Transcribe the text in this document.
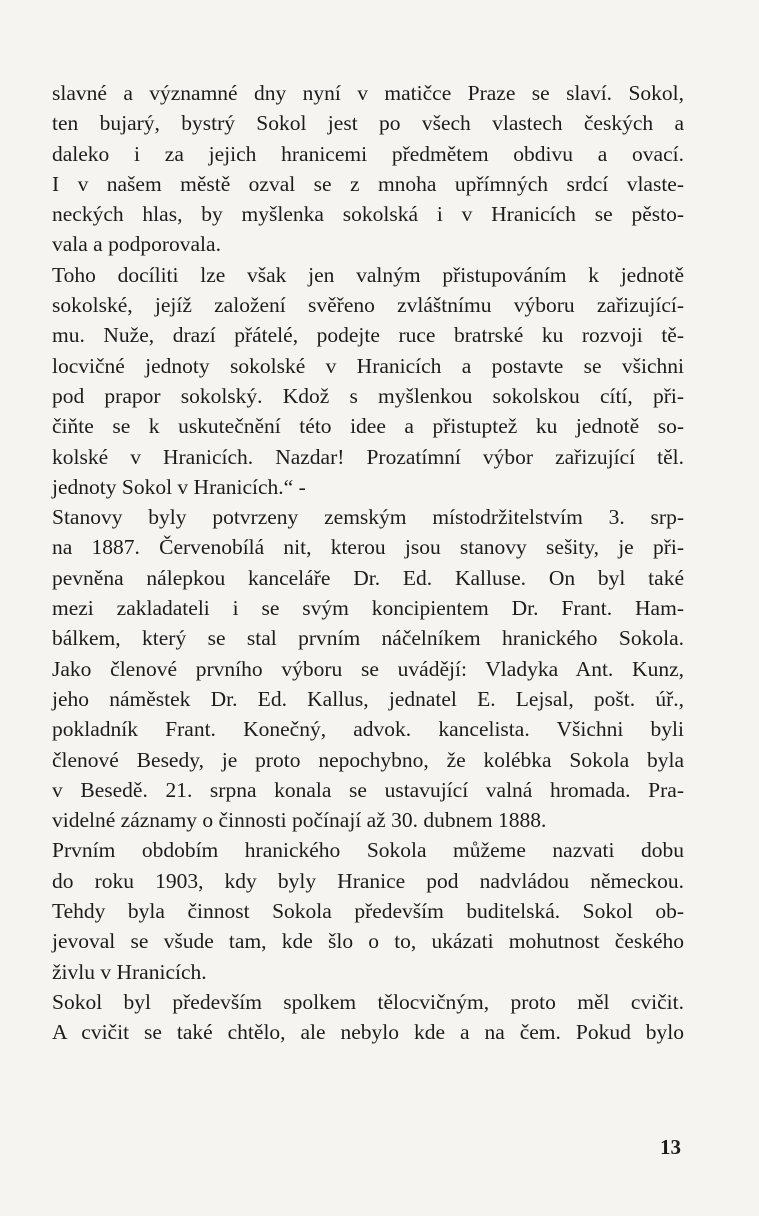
slavné a významné dny nyní v matičce Praze se slaví. Sokol,
ten bujarý, bystrý Sokol jest po všech vlastech českých a
daleko i za jejich hranicemi předmětem obdivu a ovací.
I v našem městě ozval se z mnoha upřímných srdcí vlaste-
neckých hlas, by myšlenka sokolská i v Hranicích se pěsto-
vala a podporovala.
Toho docíliti lze však jen valným přistupováním k jednotě
sokolské, jejíž založení svěřeno zvláštnímu výboru zařizující-
mu. Nuže, drazí přátelé, podejte ruce bratrské ku rozvoji tě-
locvičné jednoty sokolské v Hranicích a postavte se všichni
pod prapor sokolský. Kdož s myšlenkou sokolskou cítí, při-
čiňte se k uskutečnění této idee a přistuptež ku jednotě so-
kolské v Hranicích. Nazdar! Prozatímní výbor zařizující těl.
jednoty Sokol v Hranicích.“ -
Stanovy byly potvrzeny zemským místodržitelstvím 3. srp-
na 1887. Červenobílá nit, kterou jsou stanovy sešity, je při-
pevněna nálepkou kanceláře Dr. Ed. Kalluse. On byl také
mezi zakladateli i se svým koncipientem Dr. Frant. Ham-
bálkem, který se stal prvním náčelníkem hranického Sokola.
Jako členové prvního výboru se uvádějí: Vladyka Ant. Kunz,
jeho náměstek Dr. Ed. Kallus, jednatel E. Lejsal, pošt. úř.,
pokladník Frant. Konečný, advok. kancelista. Všichni byli
členové Besedy, je proto nepochybno, že kolébka Sokola byla
v Besedě. 21. srpna konala se ustavující valná hromada. Pra-
videlné záznamy o činnosti počínají až 30. dubnem 1888.
Prvním obdobím hranického Sokola můžeme nazvati dobu
do roku 1903, kdy byly Hranice pod nadvládou německou.
Tehdy byla činnost Sokola především buditelská. Sokol ob-
jevoval se všude tam, kde šlo o to, ukázati mohutnost českého
živlu v Hranicích.
Sokol byl především spolkem tělocvičným, proto měl cvičit.
A cvičit se také chtělo, ale nebylo kde a na čem. Pokud bylo
13
